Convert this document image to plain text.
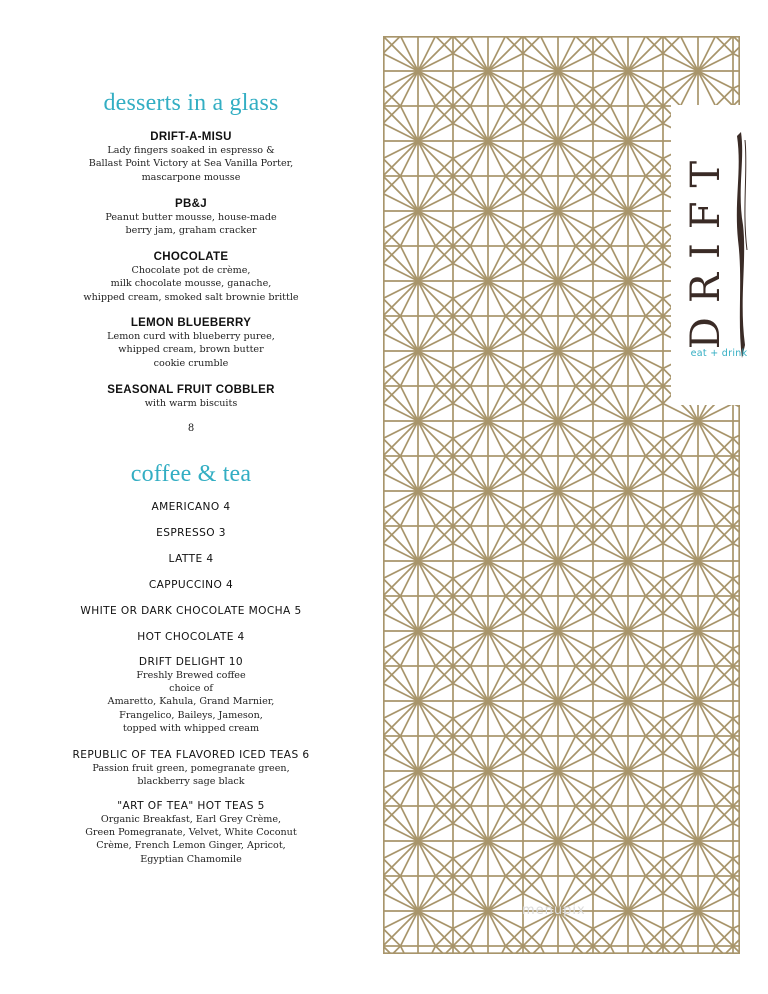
desserts in a glass
DRIFT-A-MISU
Lady fingers soaked in espresso &
Ballast Point Victory at Sea Vanilla Porter,
mascarpone mousse
PB&J
Peanut butter mousse, house-made
berry jam, graham cracker
CHOCOLATE
Chocolate pot de crème,
milk chocolate mousse, ganache,
whipped cream, smoked salt brownie brittle
LEMON BLUEBERRY
Lemon curd with blueberry puree,
whipped cream, brown butter
cookie crumble
SEASONAL FRUIT COBBLER
with warm biscuits
8
coffee & tea
AMERICANO 4
ESPRESSO 3
LATTE 4
CAPPUCCINO 4
WHITE OR DARK CHOCOLATE MOCHA 5
HOT CHOCOLATE 4
DRIFT DELIGHT 10
Freshly Brewed coffee
choice of
Amaretto, Kahula, Grand Marnier,
Frangelico, Baileys, Jameson,
topped with whipped cream
REPUBLIC OF TEA FLAVORED ICED TEAS 6
Passion fruit green, pomegranate green,
blackberry sage black
"ART OF TEA" HOT TEAS 5
Organic Breakfast, Earl Grey Crème,
Green Pomegranate, Velvet, White Coconut
Crème, French Lemon Ginger, Apricot,
Egyptian Chamomile
DRIFT
eat + drink
menupix
